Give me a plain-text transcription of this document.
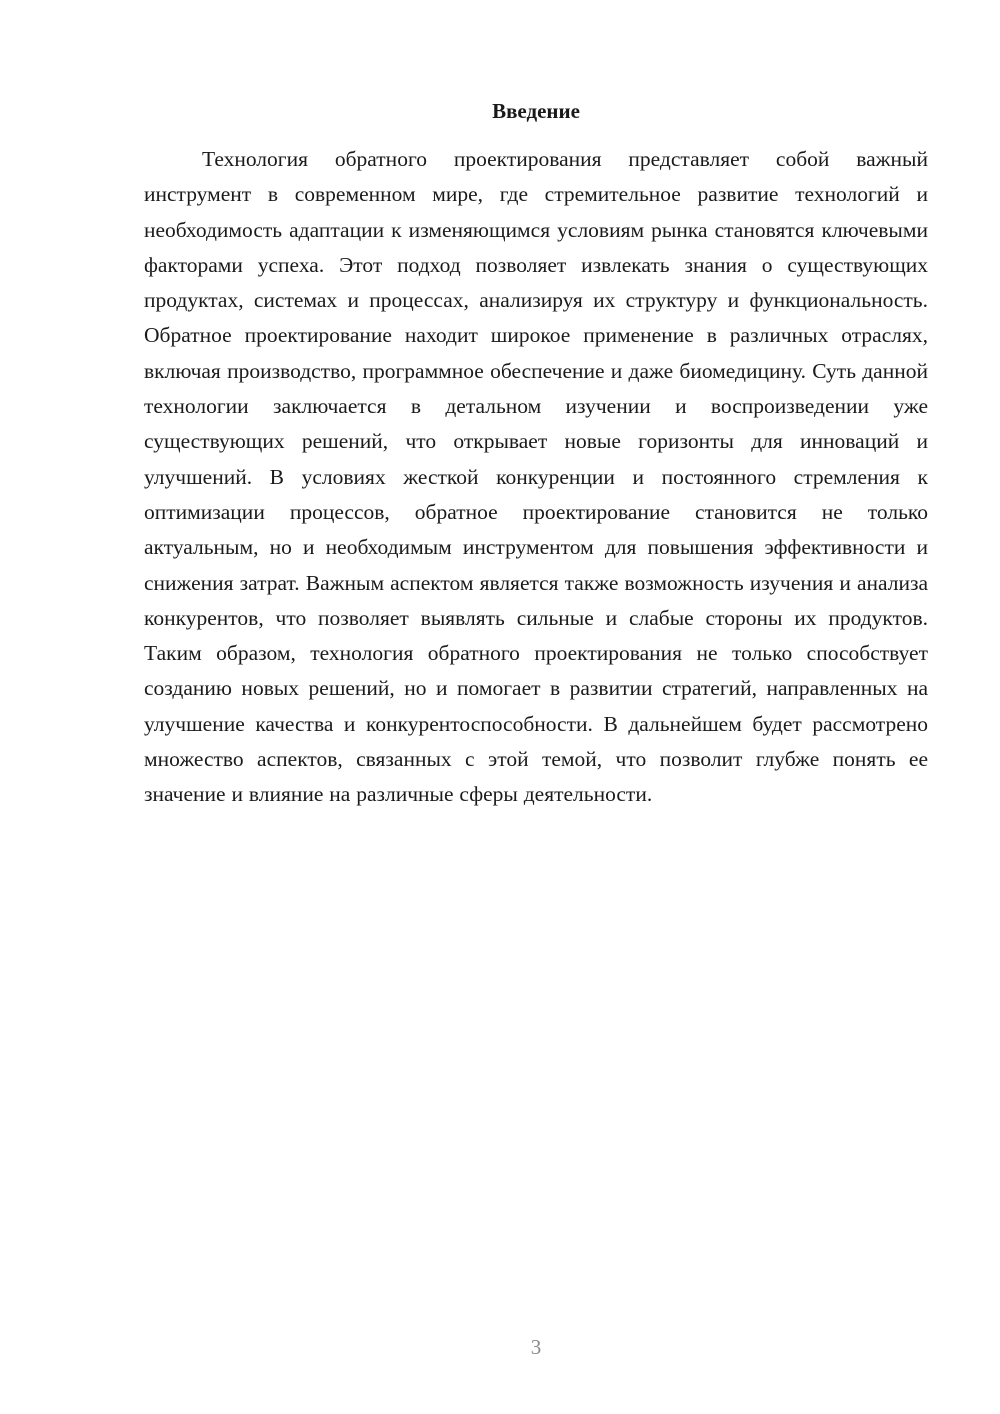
Введение

Технология обратного проектирования представляет собой важный инструмент в современном мире, где стремительное развитие технологий и необходимость адаптации к изменяющимся условиям рынка становятся ключевыми факторами успеха. Этот подход позволяет извлекать знания о существующих продуктах, системах и процессах, анализируя их структуру и функциональность. Обратное проектирование находит широкое применение в различных отраслях, включая производство, программное обеспечение и даже биомедицину. Суть данной технологии заключается в детальном изучении и воспроизведении уже существующих решений, что открывает новые горизонты для инноваций и улучшений. В условиях жесткой конкуренции и постоянного стремления к оптимизации процессов, обратное проектирование становится не только актуальным, но и необходимым инструментом для повышения эффективности и снижения затрат. Важным аспектом является также возможность изучения и анализа конкурентов, что позволяет выявлять сильные и слабые стороны их продуктов. Таким образом, технология обратного проектирования не только способствует созданию новых решений, но и помогает в развитии стратегий, направленных на улучшение качества и конкурентоспособности. В дальнейшем будет рассмотрено множество аспектов, связанных с этой темой, что позволит глубже понять ее значение и влияние на различные сферы деятельности.

3
